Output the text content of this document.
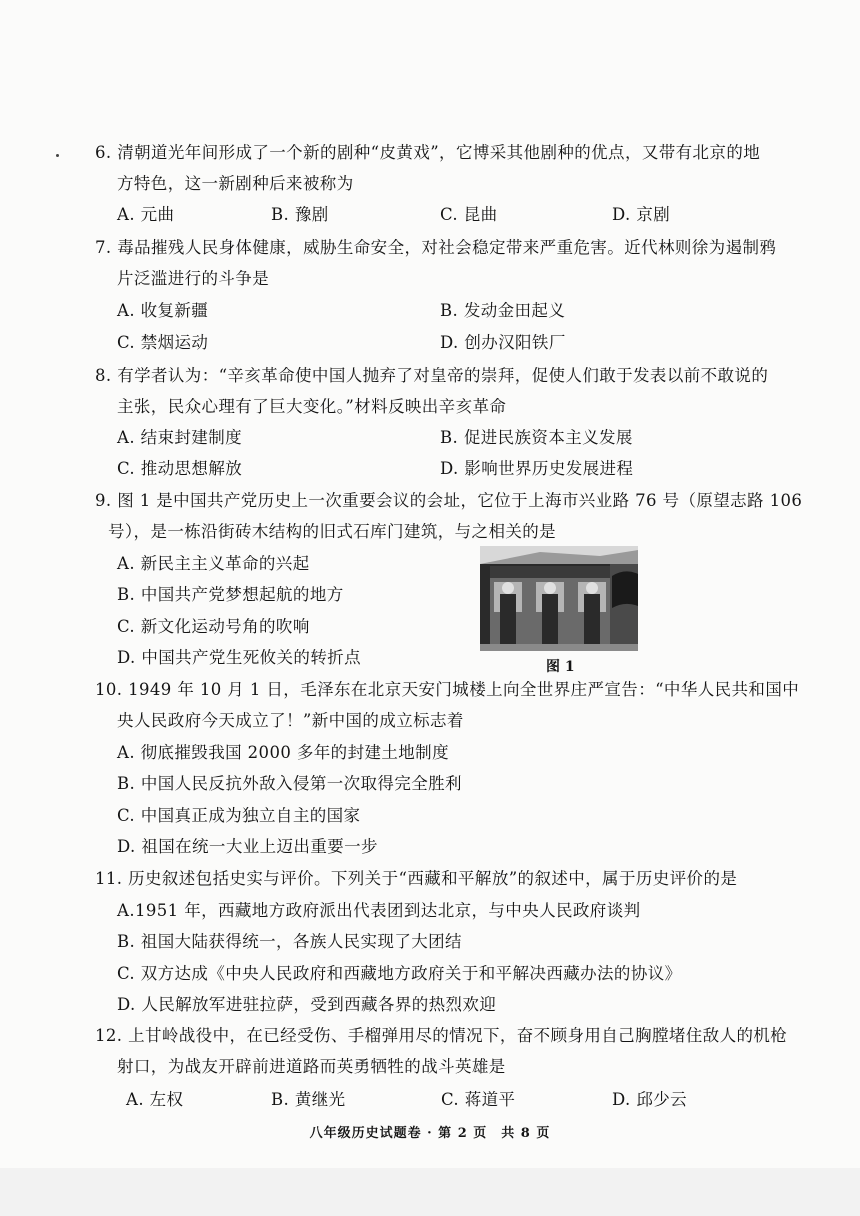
6. 清朝道光年间形成了一个新的剧种“皮黄戏”，它博采其他剧种的优点，又带有北京的地
方特色，这一新剧种后来被称为
A. 元曲	B. 豫剧	C. 昆曲	D. 京剧
7. 毒品摧残人民身体健康，威胁生命安全，对社会稳定带来严重危害。近代林则徐为遏制鸦
片泛滥进行的斗争是
A. 收复新疆	B. 发动金田起义
C. 禁烟运动	D. 创办汉阳铁厂
8. 有学者认为：“辛亥革命使中国人抛弃了对皇帝的崇拜，促使人们敢于发表以前不敢说的
主张，民众心理有了巨大变化。”材料反映出辛亥革命
A. 结束封建制度	B. 促进民族资本主义发展
C. 推动思想解放	D. 影响世界历史发展进程
9. 图 1 是中国共产党历史上一次重要会议的会址，它位于上海市兴业路 76 号（原望志路 106
号），是一栋沿街砖木结构的旧式石库门建筑，与之相关的是
A. 新民主主义革命的兴起
B. 中国共产党梦想起航的地方
C. 新文化运动号角的吹响
D. 中国共产党生死攸关的转折点	图 1
10. 1949 年 10 月 1 日，毛泽东在北京天安门城楼上向全世界庄严宣告：“中华人民共和国中
央人民政府今天成立了！”新中国的成立标志着
A. 彻底摧毁我国 2000 多年的封建土地制度
B. 中国人民反抗外敌入侵第一次取得完全胜利
C. 中国真正成为独立自主的国家
D. 祖国在统一大业上迈出重要一步
11. 历史叙述包括史实与评价。下列关于“西藏和平解放”的叙述中，属于历史评价的是
A.1951 年，西藏地方政府派出代表团到达北京，与中央人民政府谈判
B. 祖国大陆获得统一，各族人民实现了大团结
C. 双方达成《中央人民政府和西藏地方政府关于和平解决西藏办法的协议》
D. 人民解放军进驻拉萨，受到西藏各界的热烈欢迎
12. 上甘岭战役中，在已经受伤、手榴弹用尽的情况下，奋不顾身用自己胸膛堵住敌人的机枪
射口，为战友开辟前进道路而英勇牺牲的战斗英雄是
A. 左权	B. 黄继光	C. 蒋道平	D. 邱少云
八年级历史试题卷 · 第 2 页　共 8 页
